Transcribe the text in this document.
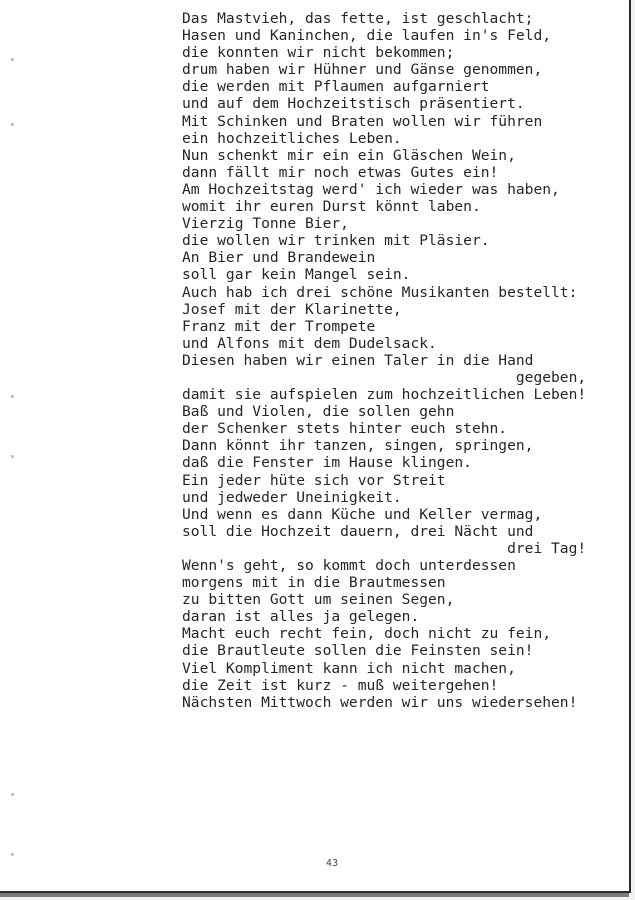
Das Mastvieh, das fette, ist geschlacht;
Hasen und Kaninchen, die laufen in's Feld,
die konnten wir nicht bekommen;
drum haben wir Hühner und Gänse genommen,
die werden mit Pflaumen aufgarniert
und auf dem Hochzeitstisch präsentiert.
Mit Schinken und Braten wollen wir führen
ein hochzeitliches Leben.
Nun schenkt mir ein ein Gläschen Wein,
dann fällt mir noch etwas Gutes ein!
Am Hochzeitstag werd' ich wieder was haben,
womit ihr euren Durst könnt laben.
Vierzig Tonne Bier,
die wollen wir trinken mit Pläsier.
An Bier und Brandewein
soll gar kein Mangel sein.
Auch hab ich drei schöne Musikanten bestellt:
Josef mit der Klarinette,
Franz mit der Trompete
und Alfons mit dem Dudelsack.
Diesen haben wir einen Taler in die Hand
gegeben,
damit sie aufspielen zum hochzeitlichen Leben!
Baß und Violen, die sollen gehn
der Schenker stets hinter euch stehn.
Dann könnt ihr tanzen, singen, springen,
daß die Fenster im Hause klingen.
Ein jeder hüte sich vor Streit
und jedweder Uneinigkeit.
Und wenn es dann Küche und Keller vermag,
soll die Hochzeit dauern, drei Nächt und
drei Tag!
Wenn's geht, so kommt doch unterdessen
morgens mit in die Brautmessen
zu bitten Gott um seinen Segen,
daran ist alles ja gelegen.
Macht euch recht fein, doch nicht zu fein,
die Brautleute sollen die Feinsten sein!
Viel Kompliment kann ich nicht machen,
die Zeit ist kurz - muß weitergehen!
Nächsten Mittwoch werden wir uns wiedersehen!
43
